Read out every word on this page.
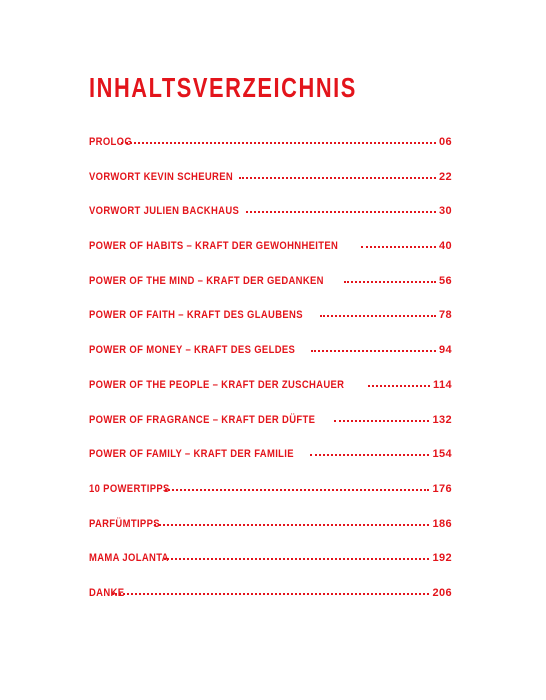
INHALTSVERZEICHNIS
PROLOG	06
VORWORT KEVIN SCHEUREN	22
VORWORT JULIEN BACKHAUS	30
POWER OF HABITS – KRAFT DER GEWOHNHEITEN	40
POWER OF THE MIND – KRAFT DER GEDANKEN	56
POWER OF FAITH – KRAFT DES GLAUBENS	78
POWER OF MONEY – KRAFT DES GELDES	94
POWER OF THE PEOPLE – KRAFT DER ZUSCHAUER	114
POWER OF FRAGRANCE – KRAFT DER DÜFTE	132
POWER OF FAMILY – KRAFT DER FAMILIE	154
10 POWERTIPPS	176
PARFÜMTIPPS	186
MAMA JOLANTA	192
DANKE	206
